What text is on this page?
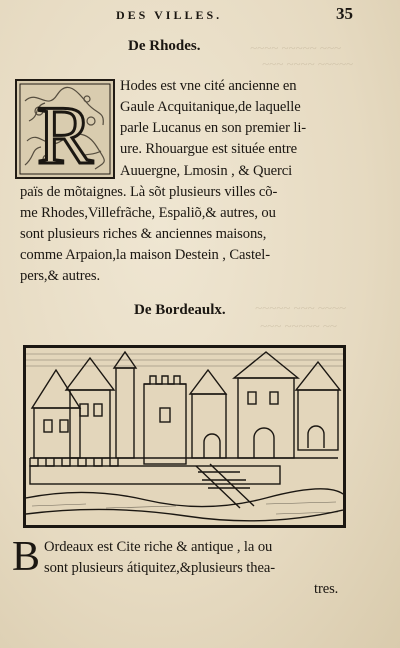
~~~~ ~~~~~ ~~~
~~~ ~~~~ ~~~~~
~~~~~ ~~~ ~~~~
~~~ ~~~~~ ~~
DES VILLES.	35
De Rhodes.
R
Hodes est vne cité ancienne en
Gaule Acquitanique,de laquelle
parle Lucanus en son premier li-
ure. Rhouargue est située entre
Auuergne, Lmosin , & Querci
païs de mõtaignes. Là sõt plusieurs villes cõ-
me Rhodes,Villefrãche, Espaliõ,& autres, ou
sont plusieurs riches & anciennes maisons,
comme Arpaion,la maison Destein , Castel-
pers,& autres.
De Bordeaulx.
B Ordeaux est Cite riche & antique , la ou
sont plusieurs átiquitez,&plusieurs thea-
tres.
